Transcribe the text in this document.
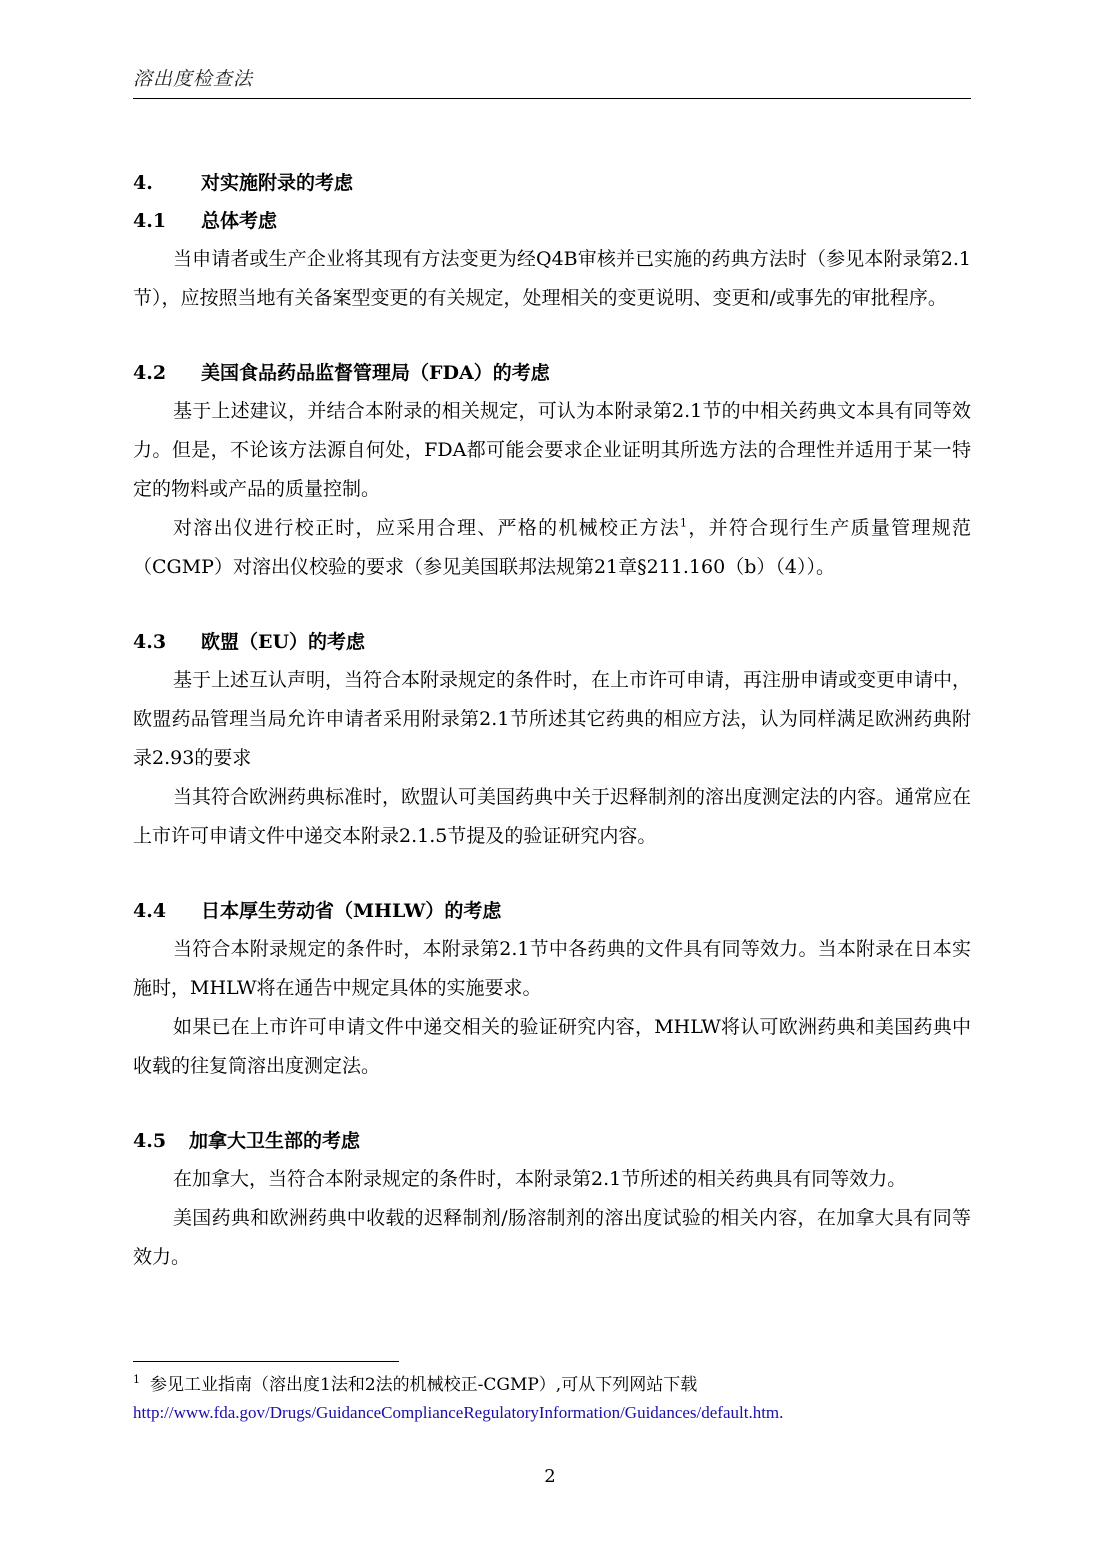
溶出度检查法
4.	对实施附录的考虑
4.1	总体考虑

当申请者或生产企业将其现有方法变更为经Q4B审核并已实施的药典方法时（参见本附录第2.1节），应按照当地有关备案型变更的有关规定，处理相关的变更说明、变更和/或事先的审批程序。

4.2	美国食品药品监督管理局（FDA）的考虑

基于上述建议，并结合本附录的相关规定，可认为本附录第2.1节的中相关药典文本具有同等效力。但是，不论该方法源自何处，FDA都可能会要求企业证明其所选方法的合理性并适用于某一特定的物料或产品的质量控制。

对溶出仪进行校正时，应采用合理、严格的机械校正方法$^1$，并符合现行生产质量管理规范（CGMP）对溶出仪校验的要求（参见美国联邦法规第21章§211.160（b）（4））。

4.3	欧盟（EU）的考虑

基于上述互认声明，当符合本附录规定的条件时，在上市许可申请，再注册申请或变更申请中，欧盟药品管理当局允许申请者采用附录第2.1节所述其它药典的相应方法，认为同样满足欧洲药典附录2.93的要求

当其符合欧洲药典标准时，欧盟认可美国药典中关于迟释制剂的溶出度测定法的内容。通常应在上市许可申请文件中递交本附录2.1.5节提及的验证研究内容。

4.4	日本厚生劳动省（MHLW）的考虑

当符合本附录规定的条件时，本附录第2.1节中各药典的文件具有同等效力。当本附录在日本实施时，MHLW将在通告中规定具体的实施要求。

如果已在上市许可申请文件中递交相关的验证研究内容，MHLW将认可欧洲药典和美国药典中收载的往复筒溶出度测定法。

4.5	加拿大卫生部的考虑

在加拿大，当符合本附录规定的条件时，本附录第2.1节所述的相关药典具有同等效力。

美国药典和欧洲药典中收载的迟释制剂/肠溶制剂的溶出度试验的相关内容，在加拿大具有同等效力。

$^1$ 参见工业指南（溶出度1法和2法的机械校正-CGMP）,可从下列网站下载
http://www.fda.gov/Drugs/GuidanceComplianceRegulatoryInformation/Guidances/default.htm.
2
